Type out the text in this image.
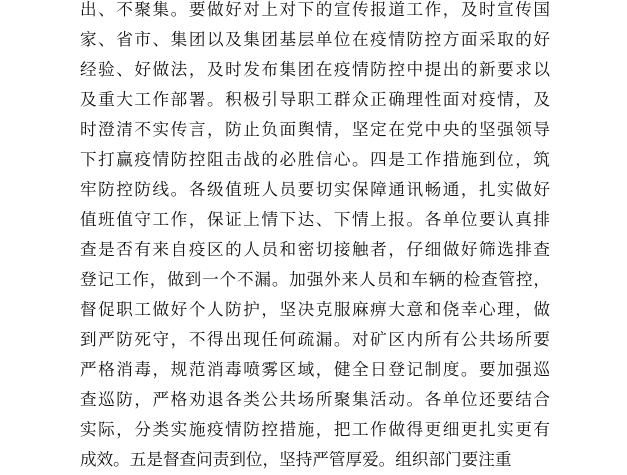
出、不聚集。要做好对上对下的宣传报道工作，及时宣传国
家、省市、集团以及集团基层单位在疫情防控方面采取的好
经验、好做法，及时发布集团在疫情防控中提出的新要求以
及重大工作部署。积极引导职工群众正确理性面对疫情，及
时澄清不实传言，防止负面舆情，坚定在党中央的坚强领导
下打赢疫情防控阻击战的必胜信心。四是工作措施到位，筑
牢防控防线。各级值班人员要切实保障通讯畅通，扎实做好
值班值守工作，保证上情下达、下情上报。各单位要认真排
查是否有来自疫区的人员和密切接触者，仔细做好筛选排查
登记工作，做到一个不漏。加强外来人员和车辆的检查管控，
督促职工做好个人防护，坚决克服麻痹大意和侥幸心理，做
到严防死守，不得出现任何疏漏。对矿区内所有公共场所要
严格消毒，规范消毒喷雾区域，健全日登记制度。要加强巡
查巡防，严格劝退各类公共场所聚集活动。各单位还要结合
实际，分类实施疫情防控措施，把工作做得更细更扎实更有
成效。五是督查问责到位，坚持严管厚爱。组织部门要注重
